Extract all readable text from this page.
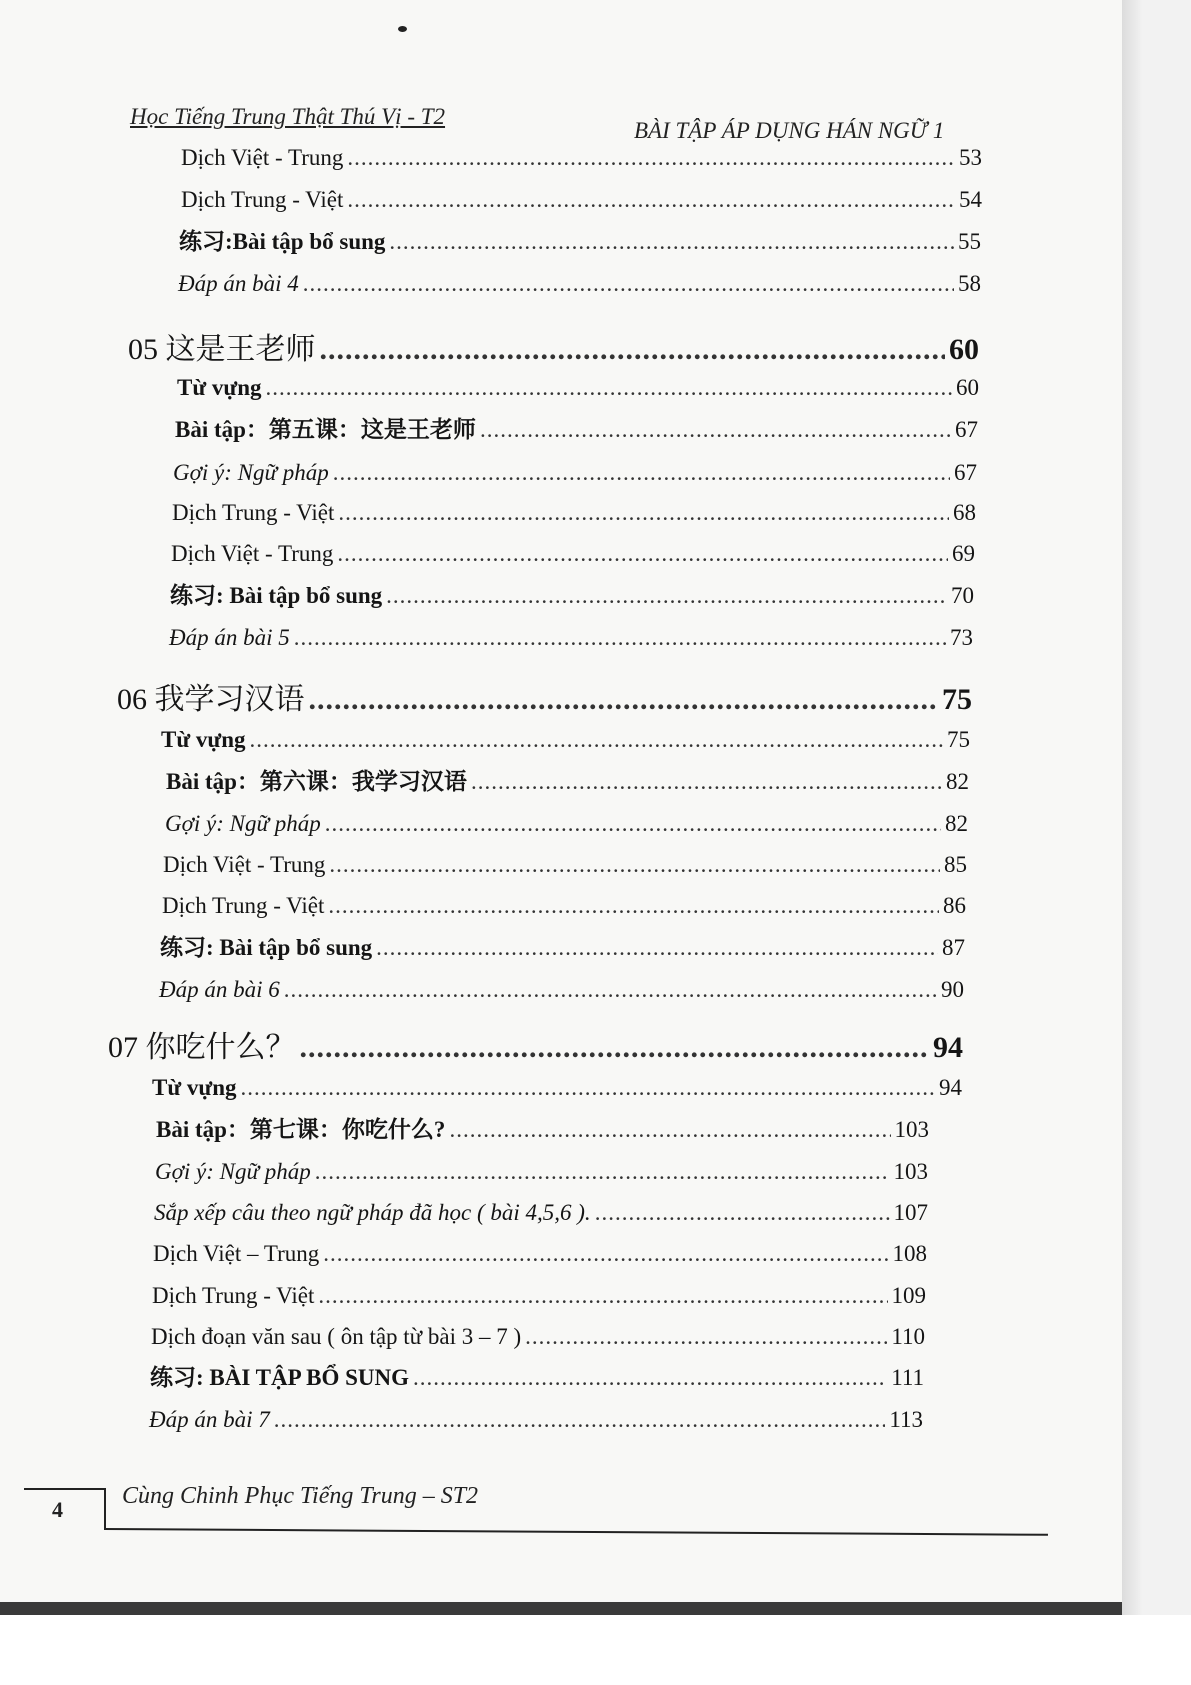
Học Tiếng Trung Thật Thú Vị - T2
BÀI TẬP ÁP DỤNG HÁN NGỮ 1
Dịch Việt - Trung .....	53
Dịch Trung - Việt .....	54
练习:Bài tập bổ sung .....	55
Đáp án bài 4 .....	58
05 这是王老师 .....	60
Từ vựng .....	60
Bài tập：第五课：这是王老师 .....	67
Gợi ý: Ngữ pháp .....	67
Dịch Trung - Việt .....	68
Dịch Việt - Trung .....	69
练习: Bài tập bổ sung .....	70
Đáp án bài 5 .....	73
06 我学习汉语 .....	75
Từ vựng .....	75
Bài tập：第六课：我学习汉语 .....	82
Gợi ý: Ngữ pháp .....	82
Dịch Việt - Trung .....	85
Dịch Trung - Việt .....	86
练习: Bài tập bổ sung .....	87
Đáp án bài 6 .....	90
07 你吃什么？ .....	94
Từ vựng .....	94
Bài tập：第七课：你吃什么? .....	103
Gợi ý: Ngữ pháp .....	103
Sắp xếp câu theo ngữ pháp đã học ( bài 4,5,6 ). .....	107
Dịch Việt – Trung .....	108
Dịch Trung - Việt .....	109
Dịch đoạn văn sau ( ôn tập từ bài 3 – 7 ) .....	110
练习: BÀI TẬP BỔ SUNG .....	111
Đáp án bài 7 .....	113
4
Cùng Chinh Phục Tiếng Trung – ST2
